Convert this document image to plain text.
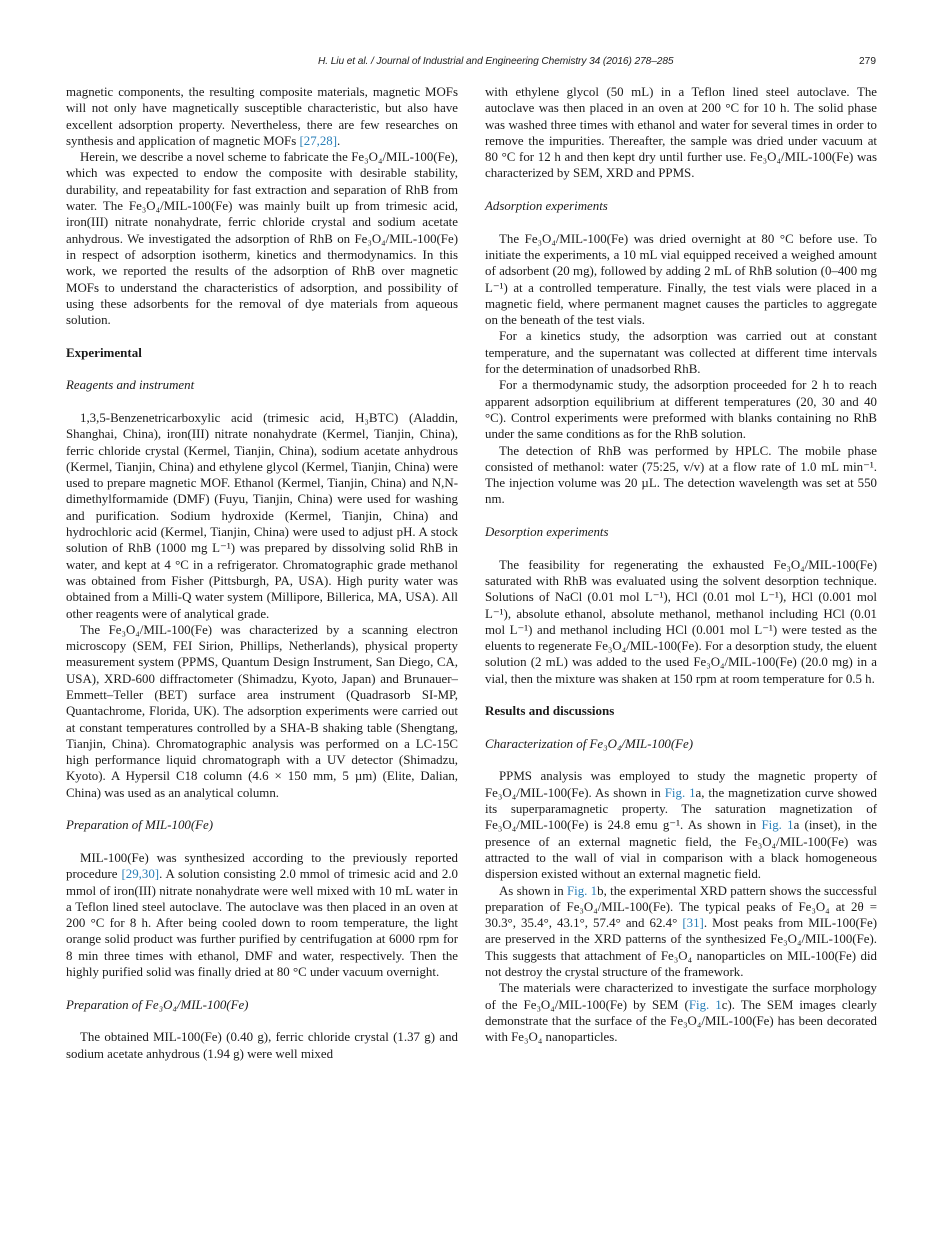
H. Liu et al. / Journal of Industrial and Engineering Chemistry 34 (2016) 278–285	279

magnetic components, the resulting composite materials, magnetic MOFs will not only have magnetically susceptible characteristic, but also have excellent adsorption property. Nevertheless, there are few researches on synthesis and application of magnetic MOFs [27,28].

Herein, we describe a novel scheme to fabricate the Fe₃O₄/MIL-100(Fe), which was expected to endow the composite with desirable stability, durability, and repeatability for fast extraction and separation of RhB from water. The Fe₃O₄/MIL-100(Fe) was mainly built up from trimesic acid, iron(III) nitrate nonahydrate, ferric chloride crystal and sodium acetate anhydrous. We investigated the adsorption of RhB on Fe₃O₄/MIL-100(Fe) in respect of adsorption isotherm, kinetics and thermodynamics. In this work, we reported the results of the adsorption of RhB over magnetic MOFs to understand the characteristics of adsorption, and possibility of using these adsorbents for the removal of dye materials from aqueous solution.

Experimental
Reagents and instrument

1,3,5-Benzenetricarboxylic acid (trimesic acid, H₃BTC) (Aladdin, Shanghai, China), iron(III) nitrate nonahydrate (Kermel, Tianjin, China), ferric chloride crystal (Kermel, Tianjin, China), sodium acetate anhydrous (Kermel, Tianjin, China) and ethylene glycol (Kermel, Tianjin, China) were used to prepare magnetic MOF. Ethanol (Kermel, Tianjin, China) and N,N-dimethylformamide (DMF) (Fuyu, Tianjin, China) were used for washing and purification. Sodium hydroxide (Kermel, Tianjin, China) and hydrochloric acid (Kermel, Tianjin, China) were used to adjust pH. A stock solution of RhB (1000 mg L⁻¹) was prepared by dissolving solid RhB in water, and kept at 4 °C in a refrigerator. Chromatographic grade methanol was obtained from Fisher (Pittsburgh, PA, USA). High purity water was obtained from a Milli-Q water system (Millipore, Billerica, MA, USA). All other reagents were of analytical grade.

The Fe₃O₄/MIL-100(Fe) was characterized by a scanning electron microscopy (SEM, FEI Sirion, Phillips, Netherlands), physical property measurement system (PPMS, Quantum Design Instrument, San Diego, CA, USA), XRD-600 diffractometer (Shimadzu, Kyoto, Japan) and Brunauer–Emmett–Teller (BET) surface area instrument (Quadrasorb SI-MP, Quantachrome, Florida, UK). The adsorption experiments were carried out at constant temperatures controlled by a SHA-B shaking table (Shengtang, Tianjin, China). Chromatographic analysis was performed on a LC-15C high performance liquid chromatograph with a UV detector (Shimadzu, Kyoto). A Hypersil C18 column (4.6 × 150 mm, 5 µm) (Elite, Dalian, China) was used as an analytical column.

Preparation of MIL-100(Fe)

MIL-100(Fe) was synthesized according to the previously reported procedure [29,30]. A solution consisting 2.0 mmol of trimesic acid and 2.0 mmol of iron(III) nitrate nonahydrate were well mixed with 10 mL water in a Teflon lined steel autoclave. The autoclave was then placed in an oven at 200 °C for 8 h. After being cooled down to room temperature, the light orange solid product was further purified by centrifugation at 6000 rpm for 8 min three times with ethanol, DMF and water, respectively. Then the highly purified solid was finally dried at 80 °C under vacuum overnight.

Preparation of Fe₃O₄/MIL-100(Fe)

The obtained MIL-100(Fe) (0.40 g), ferric chloride crystal (1.37 g) and sodium acetate anhydrous (1.94 g) were well mixed

with ethylene glycol (50 mL) in a Teflon lined steel autoclave. The autoclave was then placed in an oven at 200 °C for 10 h. The solid phase was washed three times with ethanol and water for several times in order to remove the impurities. Thereafter, the sample was dried under vacuum at 80 °C for 12 h and then kept dry until further use. Fe₃O₄/MIL-100(Fe) was characterized by SEM, XRD and PPMS.

Adsorption experiments

The Fe₃O₄/MIL-100(Fe) was dried overnight at 80 °C before use. To initiate the experiments, a 10 mL vial equipped received a weighed amount of adsorbent (20 mg), followed by adding 2 mL of RhB solution (0–400 mg L⁻¹) at a controlled temperature. Finally, the test vials were placed in a magnetic field, where permanent magnet causes the particles to aggregate on the beneath of the test vials.

For a kinetics study, the adsorption was carried out at constant temperature, and the supernatant was collected at different time intervals for the determination of unadsorbed RhB.

For a thermodynamic study, the adsorption proceeded for 2 h to reach apparent adsorption equilibrium at different temperatures (20, 30 and 40 °C). Control experiments were preformed with blanks containing no RhB under the same conditions as for the RhB solution.

The detection of RhB was performed by HPLC. The mobile phase consisted of methanol: water (75:25, v/v) at a flow rate of 1.0 mL min⁻¹. The injection volume was 20 µL. The detection wavelength was set at 550 nm.

Desorption experiments

The feasibility for regenerating the exhausted Fe₃O₄/MIL-100(Fe) saturated with RhB was evaluated using the solvent desorption technique. Solutions of NaCl (0.01 mol L⁻¹), HCl (0.01 mol L⁻¹), HCl (0.001 mol L⁻¹), absolute ethanol, absolute methanol, methanol including HCl (0.01 mol L⁻¹) and methanol including HCl (0.001 mol L⁻¹) were tested as the eluents to regenerate Fe₃O₄/MIL-100(Fe). For a desorption study, the eluent solution (2 mL) was added to the used Fe₃O₄/MIL-100(Fe) (20.0 mg) in a vial, then the mixture was shaken at 150 rpm at room temperature for 0.5 h.

Results and discussions
Characterization of Fe₃O₄/MIL-100(Fe)

PPMS analysis was employed to study the magnetic property of Fe₃O₄/MIL-100(Fe). As shown in Fig. 1a, the magnetization curve showed its superparamagnetic property. The saturation magnetization of Fe₃O₄/MIL-100(Fe) is 24.8 emu g⁻¹. As shown in Fig. 1a (inset), in the presence of an external magnetic field, the Fe₃O₄/MIL-100(Fe) was attracted to the wall of vial in comparison with a black homogeneous dispersion existed without an external magnetic field.

As shown in Fig. 1b, the experimental XRD pattern shows the successful preparation of Fe₃O₄/MIL-100(Fe). The typical peaks of Fe₃O₄ at 2θ = 30.3°, 35.4°, 43.1°, 57.4° and 62.4° [31]. Most peaks from MIL-100(Fe) are preserved in the XRD patterns of the synthesized Fe₃O₄/MIL-100(Fe). This suggests that attachment of Fe₃O₄ nanoparticles on MIL-100(Fe) did not destroy the crystal structure of the framework.

The materials were characterized to investigate the surface morphology of the Fe₃O₄/MIL-100(Fe) by SEM (Fig. 1c). The SEM images clearly demonstrate that the surface of the Fe₃O₄/MIL-100(Fe) has been decorated with Fe₃O₄ nanoparticles.
